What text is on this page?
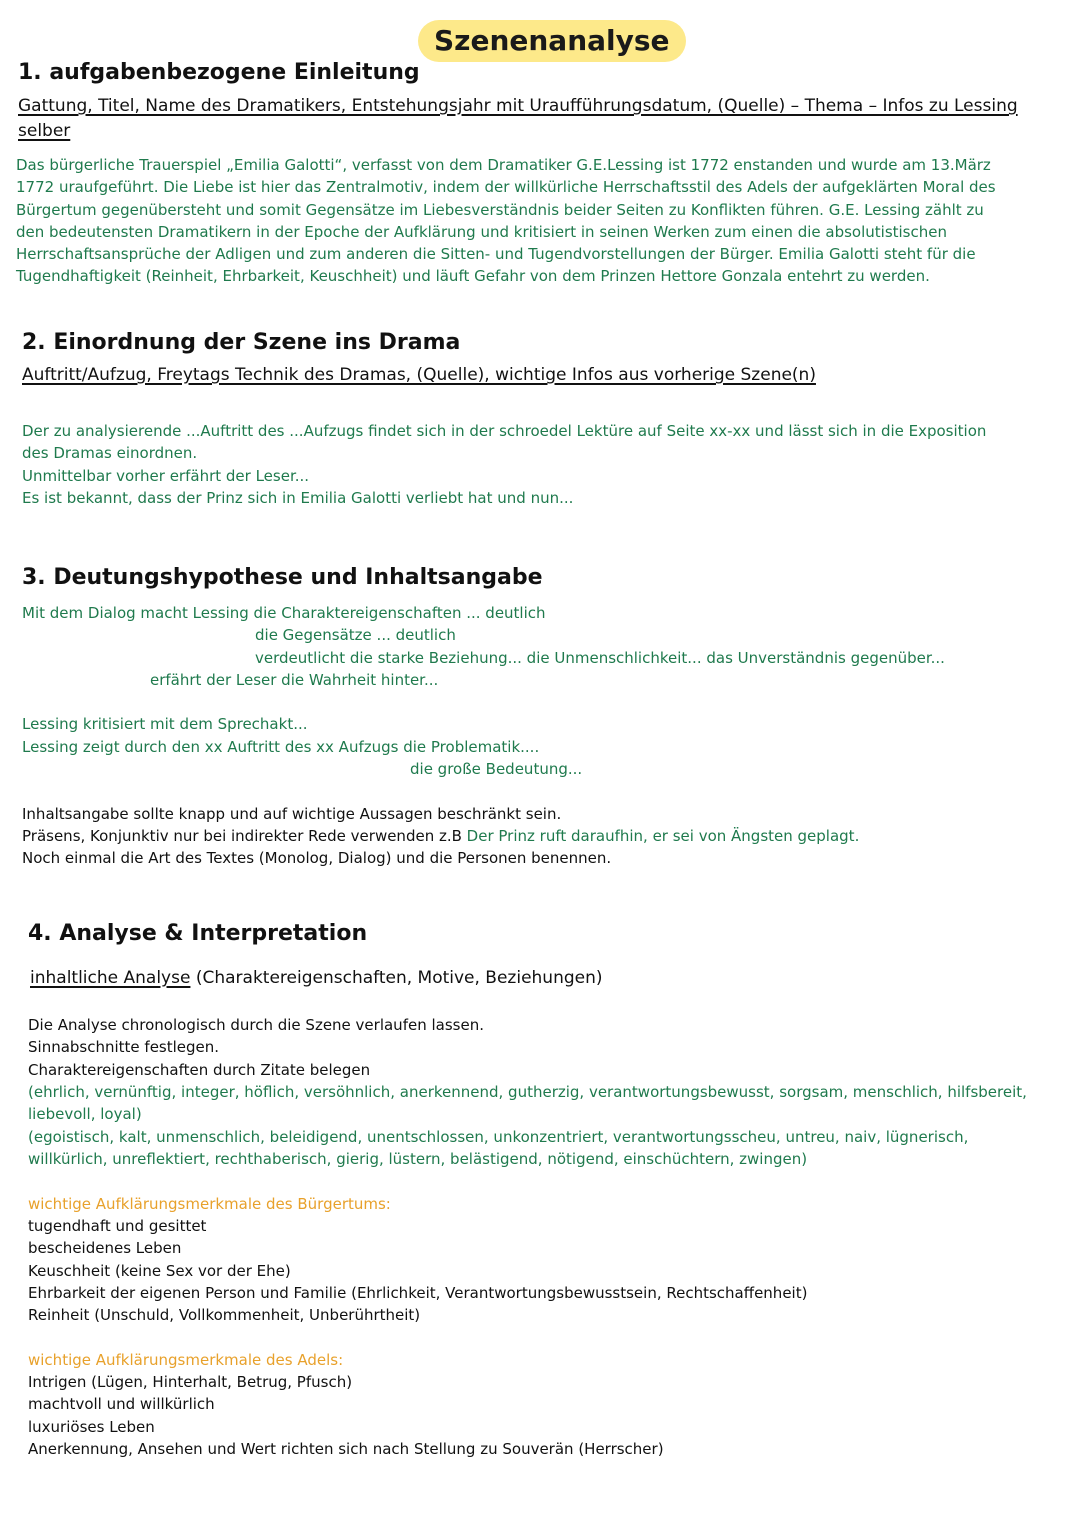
Szenenanalyse
1. aufgabenbezogene Einleitung
Gattung, Titel, Name des Dramatikers, Entstehungsjahr mit Uraufführungsdatum, (Quelle) – Thema – Infos zu Lessing
selber
Das bürgerliche Trauerspiel „Emilia Galotti“, verfasst von dem Dramatiker G.E.Lessing ist 1772 enstanden und wurde am 13.März
1772 uraufgeführt. Die Liebe ist hier das Zentralmotiv, indem der willkürliche Herrschaftsstil des Adels der aufgeklärten Moral des
Bürgertum gegenübersteht und somit Gegensätze im Liebesverständnis beider Seiten zu Konflikten führen. G.E. Lessing zählt zu
den bedeutensten Dramatikern in der Epoche der Aufklärung und kritisiert in seinen Werken zum einen die absolutistischen
Herrschaftsansprüche der Adligen und zum anderen die Sitten- und Tugendvorstellungen der Bürger. Emilia Galotti steht für die
Tugendhaftigkeit (Reinheit, Ehrbarkeit, Keuschheit) und läuft Gefahr von dem Prinzen Hettore Gonzala entehrt zu werden.
2. Einordnung der Szene ins Drama
Auftritt/Aufzug, Freytags Technik des Dramas, (Quelle), wichtige Infos aus vorherige Szene(n)
Der zu analysierende ...Auftritt des ...Aufzugs findet sich in der schroedel Lektüre auf Seite xx-xx und lässt sich in die Exposition
des Dramas einordnen.
Unmittelbar vorher erfährt der Leser...
Es ist bekannt, dass der Prinz sich in Emilia Galotti verliebt hat und nun...
3. Deutungshypothese und Inhaltsangabe
Mit dem Dialog macht Lessing die Charaktereigenschaften ... deutlich
die Gegensätze ... deutlich
verdeutlicht die starke Beziehung... die Unmenschlichkeit... das Unverständnis gegenüber...
erfährt der Leser die Wahrheit hinter...
Lessing kritisiert mit dem Sprechakt...
Lessing zeigt durch den xx Auftritt des xx Aufzugs die Problematik....
die große Bedeutung...
Inhaltsangabe sollte knapp und auf wichtige Aussagen beschränkt sein.
Präsens, Konjunktiv nur bei indirekter Rede verwenden z.B Der Prinz ruft daraufhin, er sei von Ängsten geplagt.
Noch einmal die Art des Textes (Monolog, Dialog) und die Personen benennen.
4. Analyse & Interpretation
inhaltliche Analyse (Charaktereigenschaften, Motive, Beziehungen)
Die Analyse chronologisch durch die Szene verlaufen lassen.
Sinnabschnitte festlegen.
Charaktereigenschaften durch Zitate belegen
(ehrlich, vernünftig, integer, höflich, versöhnlich, anerkennend, gutherzig, verantwortungsbewusst, sorgsam, menschlich, hilfsbereit, liebevoll, loyal)
(egoistisch, kalt, unmenschlich, beleidigend, unentschlossen, unkonzentriert, verantwortungsscheu, untreu, naiv, lügnerisch, willkürlich, unreflektiert, rechthaberisch, gierig, lüstern, belästigend, nötigend, einschüchtern, zwingen)
wichtige Aufklärungsmerkmale des Bürgertums:
tugendhaft und gesittet
bescheidenes Leben
Keuschheit (keine Sex vor der Ehe)
Ehrbarkeit der eigenen Person und Familie (Ehrlichkeit, Verantwortungsbewusstsein, Rechtschaffenheit)
Reinheit (Unschuld, Vollkommenheit, Unberührtheit)
wichtige Aufklärungsmerkmale des Adels:
Intrigen (Lügen, Hinterhalt, Betrug, Pfusch)
machtvoll und willkürlich
luxuriöses Leben
Anerkennung, Ansehen und Wert richten sich nach Stellung zu Souverän (Herrscher)
